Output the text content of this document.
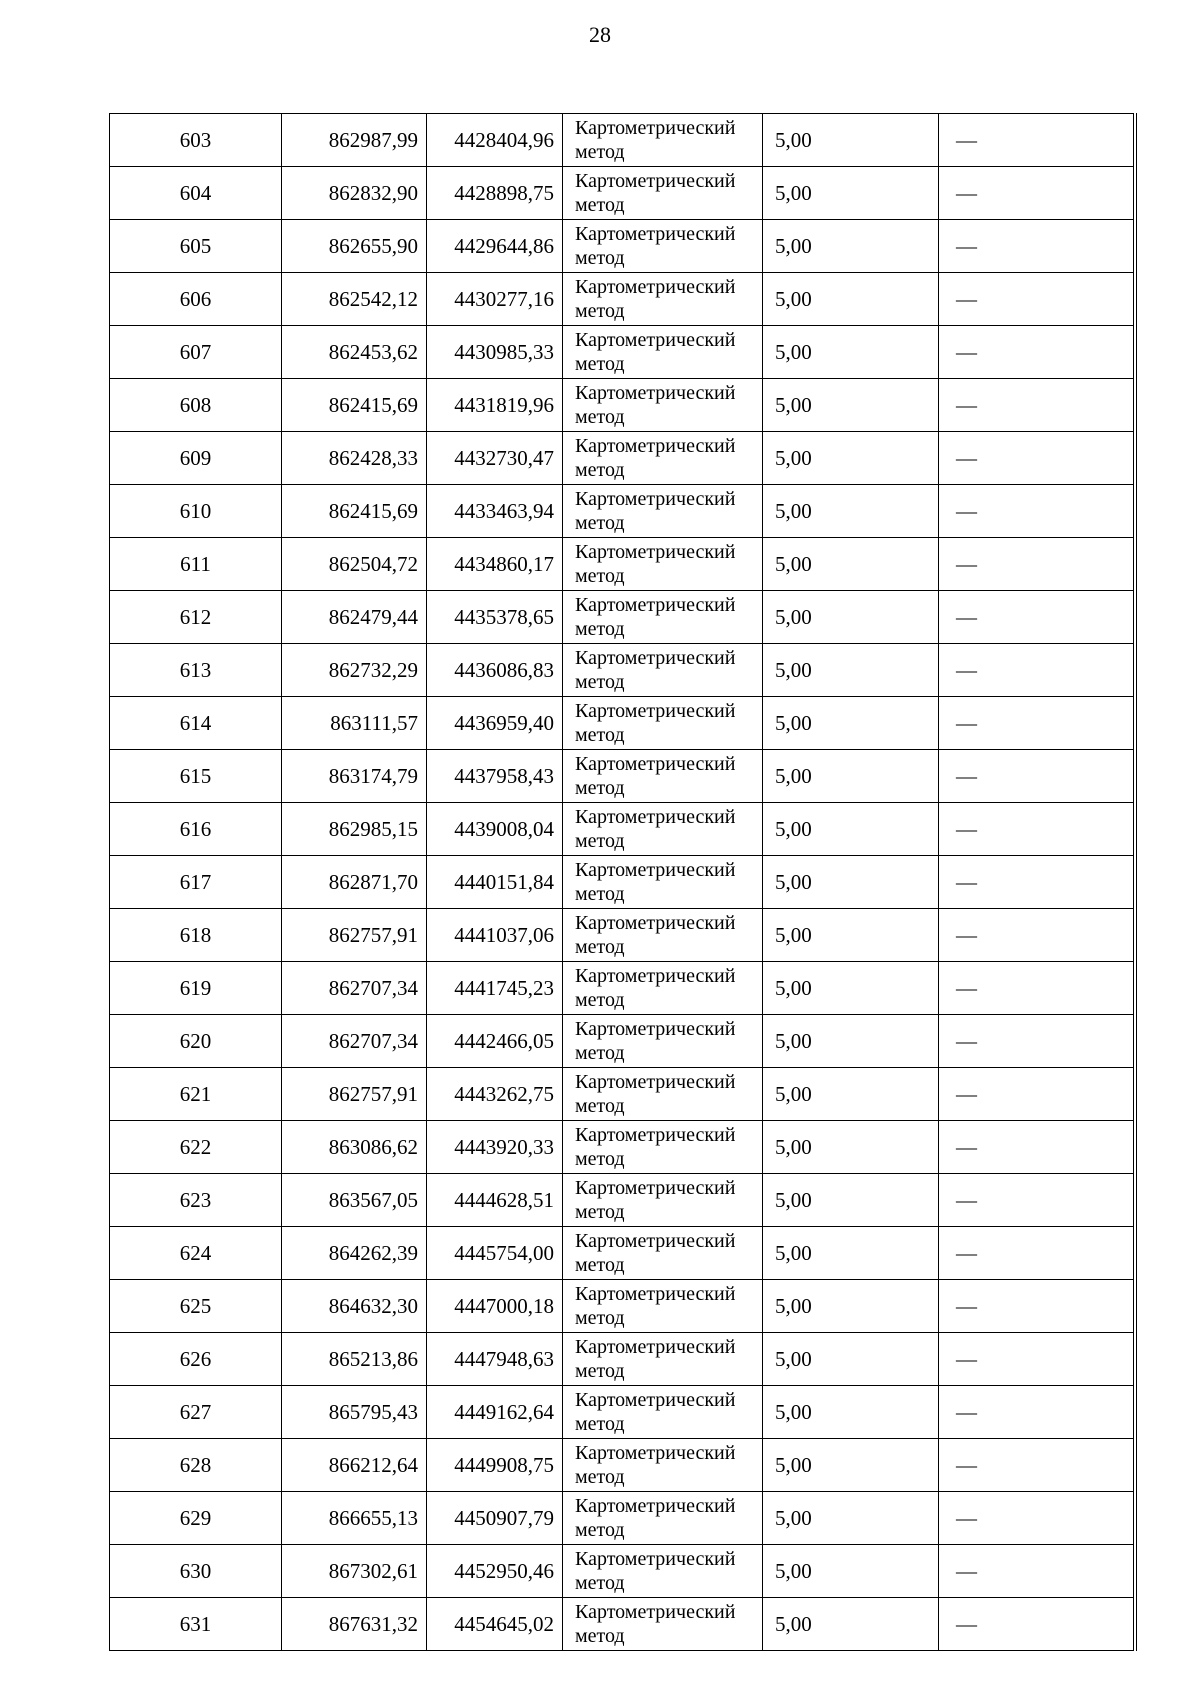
28
603	862987,99	4428404,96	Картометрический
метод	5,00	—
604	862832,90	4428898,75	Картометрический
метод	5,00	—
605	862655,90	4429644,86	Картометрический
метод	5,00	—
606	862542,12	4430277,16	Картометрический
метод	5,00	—
607	862453,62	4430985,33	Картометрический
метод	5,00	—
608	862415,69	4431819,96	Картометрический
метод	5,00	—
609	862428,33	4432730,47	Картометрический
метод	5,00	—
610	862415,69	4433463,94	Картометрический
метод	5,00	—
611	862504,72	4434860,17	Картометрический
метод	5,00	—
612	862479,44	4435378,65	Картометрический
метод	5,00	—
613	862732,29	4436086,83	Картометрический
метод	5,00	—
614	863111,57	4436959,40	Картометрический
метод	5,00	—
615	863174,79	4437958,43	Картометрический
метод	5,00	—
616	862985,15	4439008,04	Картометрический
метод	5,00	—
617	862871,70	4440151,84	Картометрический
метод	5,00	—
618	862757,91	4441037,06	Картометрический
метод	5,00	—
619	862707,34	4441745,23	Картометрический
метод	5,00	—
620	862707,34	4442466,05	Картометрический
метод	5,00	—
621	862757,91	4443262,75	Картометрический
метод	5,00	—
622	863086,62	4443920,33	Картометрический
метод	5,00	—
623	863567,05	4444628,51	Картометрический
метод	5,00	—
624	864262,39	4445754,00	Картометрический
метод	5,00	—
625	864632,30	4447000,18	Картометрический
метод	5,00	—
626	865213,86	4447948,63	Картометрический
метод	5,00	—
627	865795,43	4449162,64	Картометрический
метод	5,00	—
628	866212,64	4449908,75	Картометрический
метод	5,00	—
629	866655,13	4450907,79	Картометрический
метод	5,00	—
630	867302,61	4452950,46	Картометрический
метод	5,00	—
631	867631,32	4454645,02	Картометрический
метод	5,00	—
